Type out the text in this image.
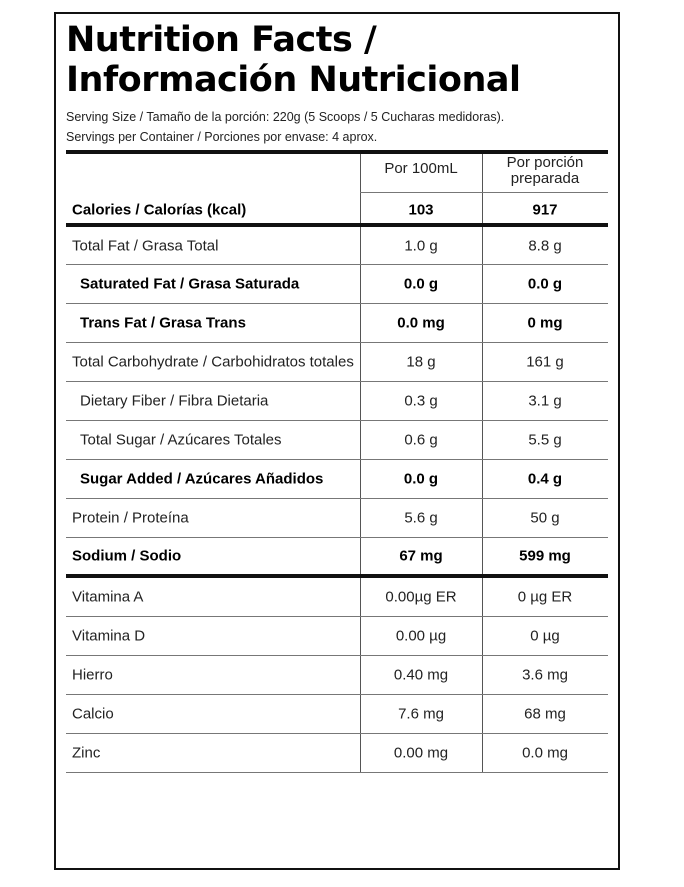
Nutrition Facts /
Información Nutricional
Serving Size / Tamaño de la porción: 220g (5 Scoops / 5 Cucharas medidoras).
Servings per Container / Porciones por envase: 4 aprox.
Por 100mL	Por porción
preparada
Calories / Calorías (kcal)	103	917
Total Fat / Grasa Total	1.0 g	8.8 g
Saturated Fat / Grasa Saturada	0.0 g	0.0 g
Trans Fat / Grasa Trans	0.0 mg	0 mg
Total Carbohydrate / Carbohidratos totales	18 g	161 g
Dietary Fiber / Fibra Dietaria	0.3 g	3.1 g
Total Sugar / Azúcares Totales	0.6 g	5.5 g
Sugar Added / Azúcares Añadidos	0.0 g	0.4 g
Protein / Proteína	5.6 g	50 g
Sodium / Sodio	67 mg	599 mg
Vitamina A	0.00µg ER	0 µg ER
Vitamina D	0.00 µg	0 µg
Hierro	0.40 mg	3.6 mg
Calcio	7.6 mg	68 mg
Zinc	0.00 mg	0.0 mg
